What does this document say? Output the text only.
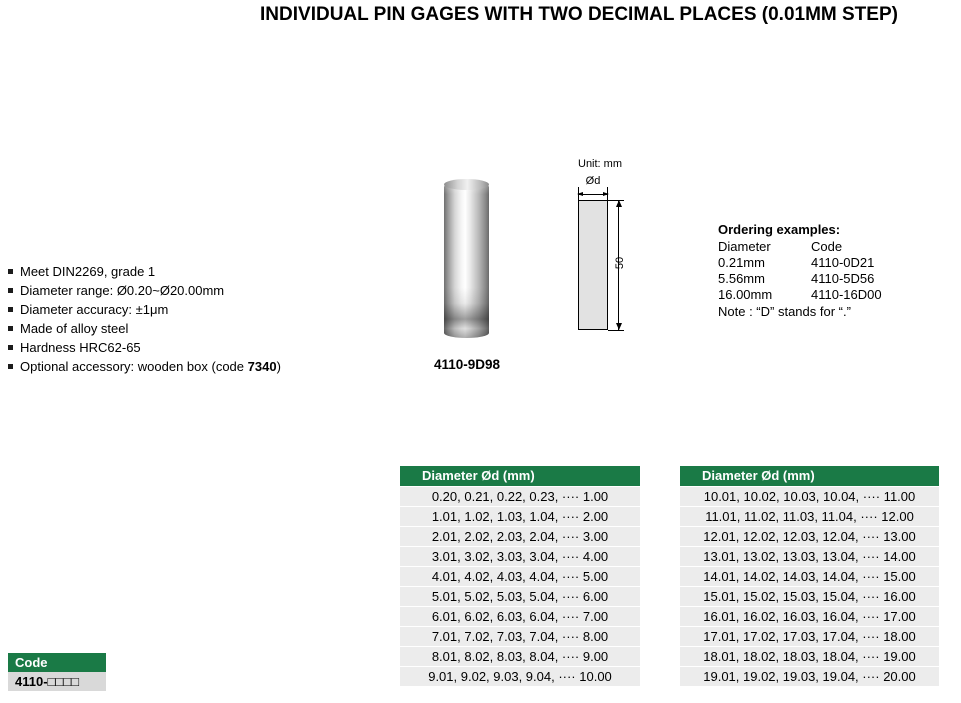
INDIVIDUAL PIN GAGES WITH TWO DECIMAL PLACES (0.01MM STEP)
Meet DIN2269, grade 1
Diameter range: Ø0.20~Ø20.00mm
Diameter accuracy: ±1μm
Made of alloy steel
Hardness HRC62-65
Optional accessory: wooden box (code 7340)	4110-9D98
Unit: mm
Ød
50
Ordering examples:
Diameter	Code
0.21mm	4110-0D21
5.56mm	4110-5D56
16.00mm	4110-16D00
Note : “D” stands for “.”
Code
4110-□□□□
Diameter Ød (mm)
0.20, 0.21, 0.22, 0.23, ···· 1.00
1.01, 1.02, 1.03, 1.04, ···· 2.00
2.01, 2.02, 2.03, 2.04, ···· 3.00
3.01, 3.02, 3.03, 3.04, ···· 4.00
4.01, 4.02, 4.03, 4.04, ···· 5.00
5.01, 5.02, 5.03, 5.04, ···· 6.00
6.01, 6.02, 6.03, 6.04, ···· 7.00
7.01, 7.02, 7.03, 7.04, ···· 8.00
8.01, 8.02, 8.03, 8.04, ···· 9.00
9.01, 9.02, 9.03, 9.04, ···· 10.00
Diameter Ød (mm)
10.01, 10.02, 10.03, 10.04, ···· 11.00
11.01, 11.02, 11.03, 11.04, ···· 12.00
12.01, 12.02, 12.03, 12.04, ···· 13.00
13.01, 13.02, 13.03, 13.04, ···· 14.00
14.01, 14.02, 14.03, 14.04, ···· 15.00
15.01, 15.02, 15.03, 15.04, ···· 16.00
16.01, 16.02, 16.03, 16.04, ···· 17.00
17.01, 17.02, 17.03, 17.04, ···· 18.00
18.01, 18.02, 18.03, 18.04, ···· 19.00
19.01, 19.02, 19.03, 19.04, ···· 20.00
